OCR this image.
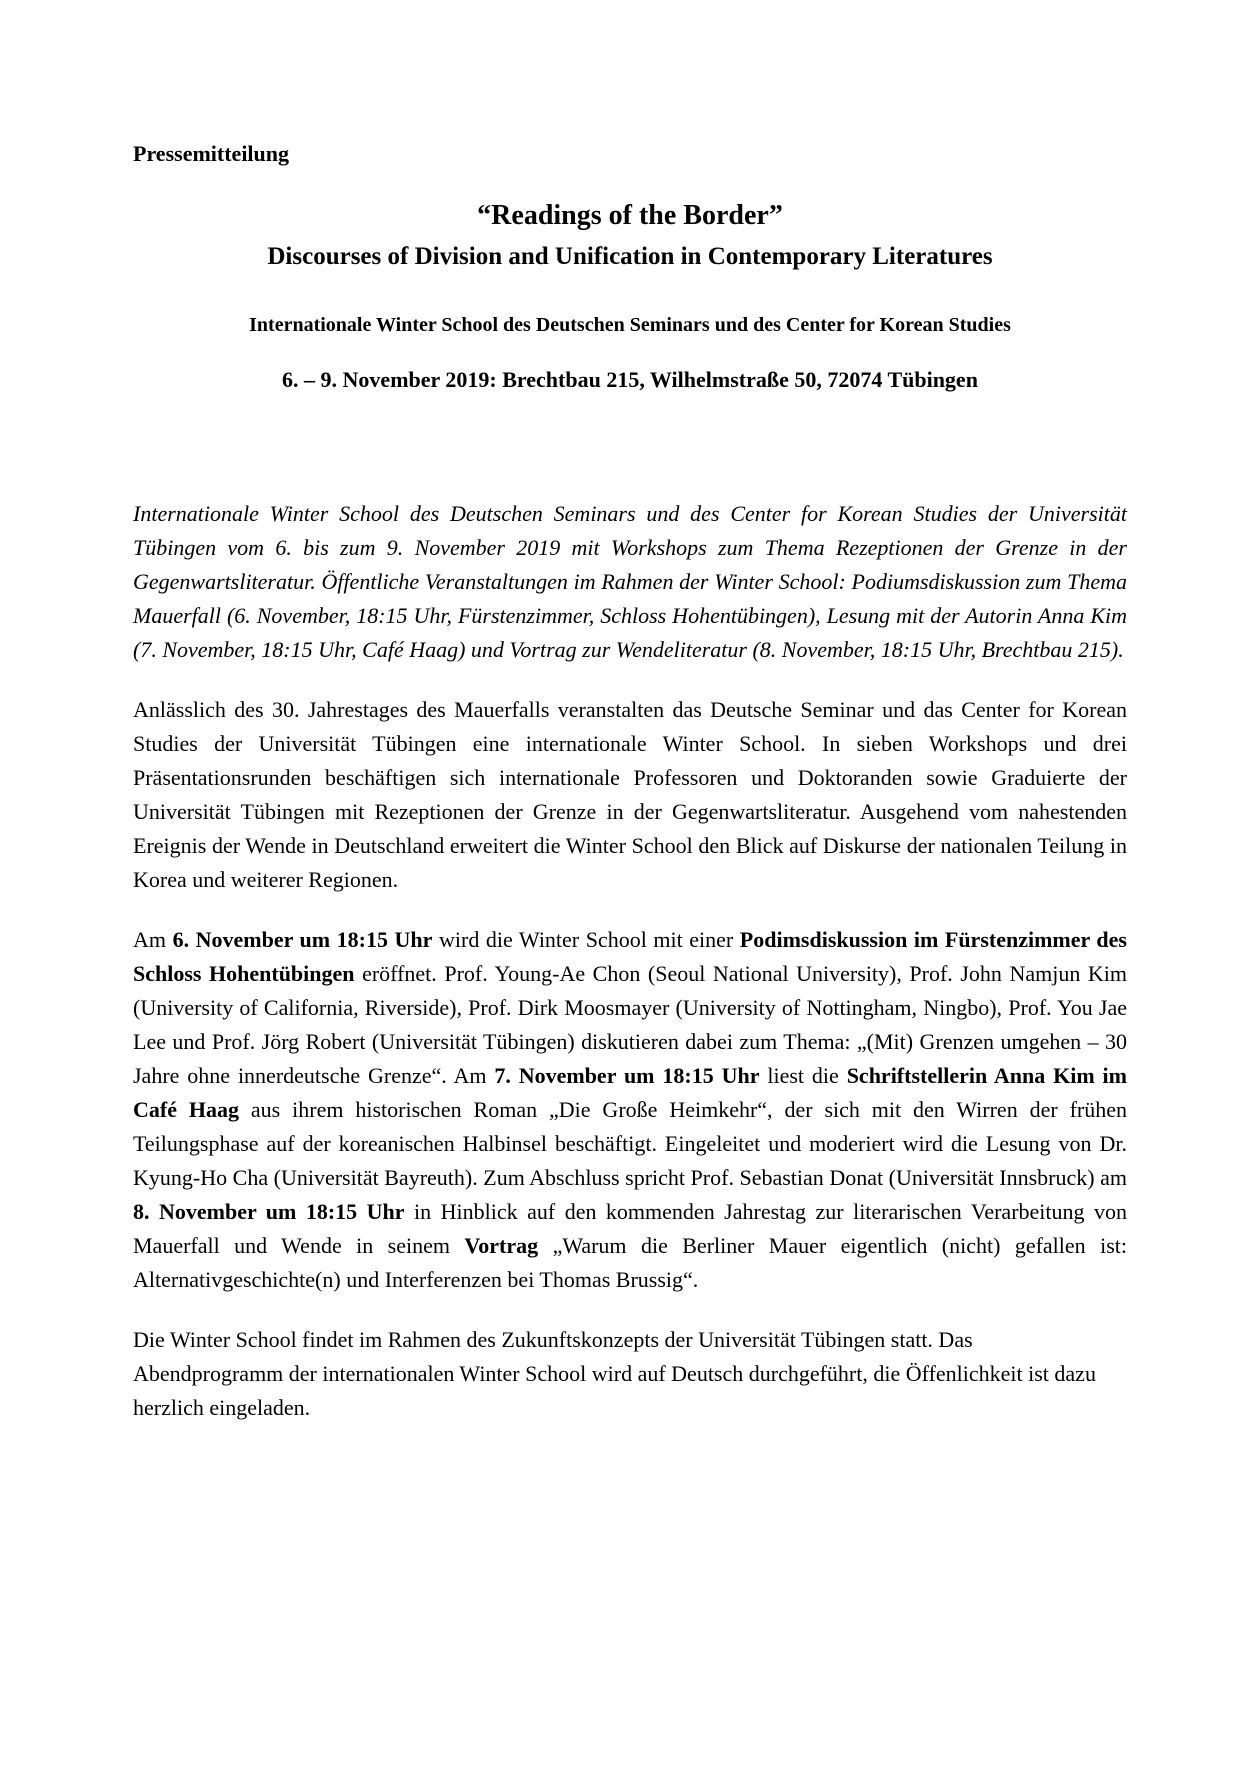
Pressemitteilung

“Readings of the Border”
Discourses of Division and Unification in Contemporary Literatures

Internationale Winter School des Deutschen Seminars und des Center for Korean Studies

6. – 9. November 2019: Brechtbau 215, Wilhelmstraße 50, 72074 Tübingen

Internationale Winter School des Deutschen Seminars und des Center for Korean Studies der Universität Tübingen vom 6. bis zum 9. November 2019 mit Workshops zum Thema Rezeptionen der Grenze in der Gegenwartsliteratur. Öffentliche Veranstaltungen im Rahmen der Winter School: Podiumsdiskussion zum Thema Mauerfall (6. November, 18:15 Uhr, Fürstenzimmer, Schloss Hohentübingen), Lesung mit der Autorin Anna Kim (7. November, 18:15 Uhr, Café Haag) und Vortrag zur Wendeliteratur (8. November, 18:15 Uhr, Brechtbau 215).

Anlässlich des 30. Jahrestages des Mauerfalls veranstalten das Deutsche Seminar und das Center for Korean Studies der Universität Tübingen eine internationale Winter School. In sieben Workshops und drei Präsentationsrunden beschäftigen sich internationale Professoren und Doktoranden sowie Graduierte der Universität Tübingen mit Rezeptionen der Grenze in der Gegenwartsliteratur. Ausgehend vom nahestenden Ereignis der Wende in Deutschland erweitert die Winter School den Blick auf Diskurse der nationalen Teilung in Korea und weiterer Regionen.

Am 6. November um 18:15 Uhr wird die Winter School mit einer Podimsdiskussion im Fürstenzimmer des Schloss Hohentübingen eröffnet. Prof. Young-Ae Chon (Seoul National University), Prof. John Namjun Kim (University of California, Riverside), Prof. Dirk Moosmayer (University of Nottingham, Ningbo), Prof. You Jae Lee und Prof. Jörg Robert (Universität Tübingen) diskutieren dabei zum Thema: „(Mit) Grenzen umgehen – 30 Jahre ohne innerdeutsche Grenze“. Am 7. November um 18:15 Uhr liest die Schriftstellerin Anna Kim im Café Haag aus ihrem historischen Roman „Die Große Heimkehr“, der sich mit den Wirren der frühen Teilungsphase auf der koreanischen Halbinsel beschäftigt. Eingeleitet und moderiert wird die Lesung von Dr. Kyung-Ho Cha (Universität Bayreuth). Zum Abschluss spricht Prof. Sebastian Donat (Universität Innsbruck) am 8. November um 18:15 Uhr in Hinblick auf den kommenden Jahrestag zur literarischen Verarbeitung von Mauerfall und Wende in seinem Vortrag „Warum die Berliner Mauer eigentlich (nicht) gefallen ist: Alternativgeschichte(n) und Interferenzen bei Thomas Brussig“.

Die Winter School findet im Rahmen des Zukunftskonzepts der Universität Tübingen statt. Das Abendprogramm der internationalen Winter School wird auf Deutsch durchgeführt, die Öffenlichkeit ist dazu herzlich eingeladen.
